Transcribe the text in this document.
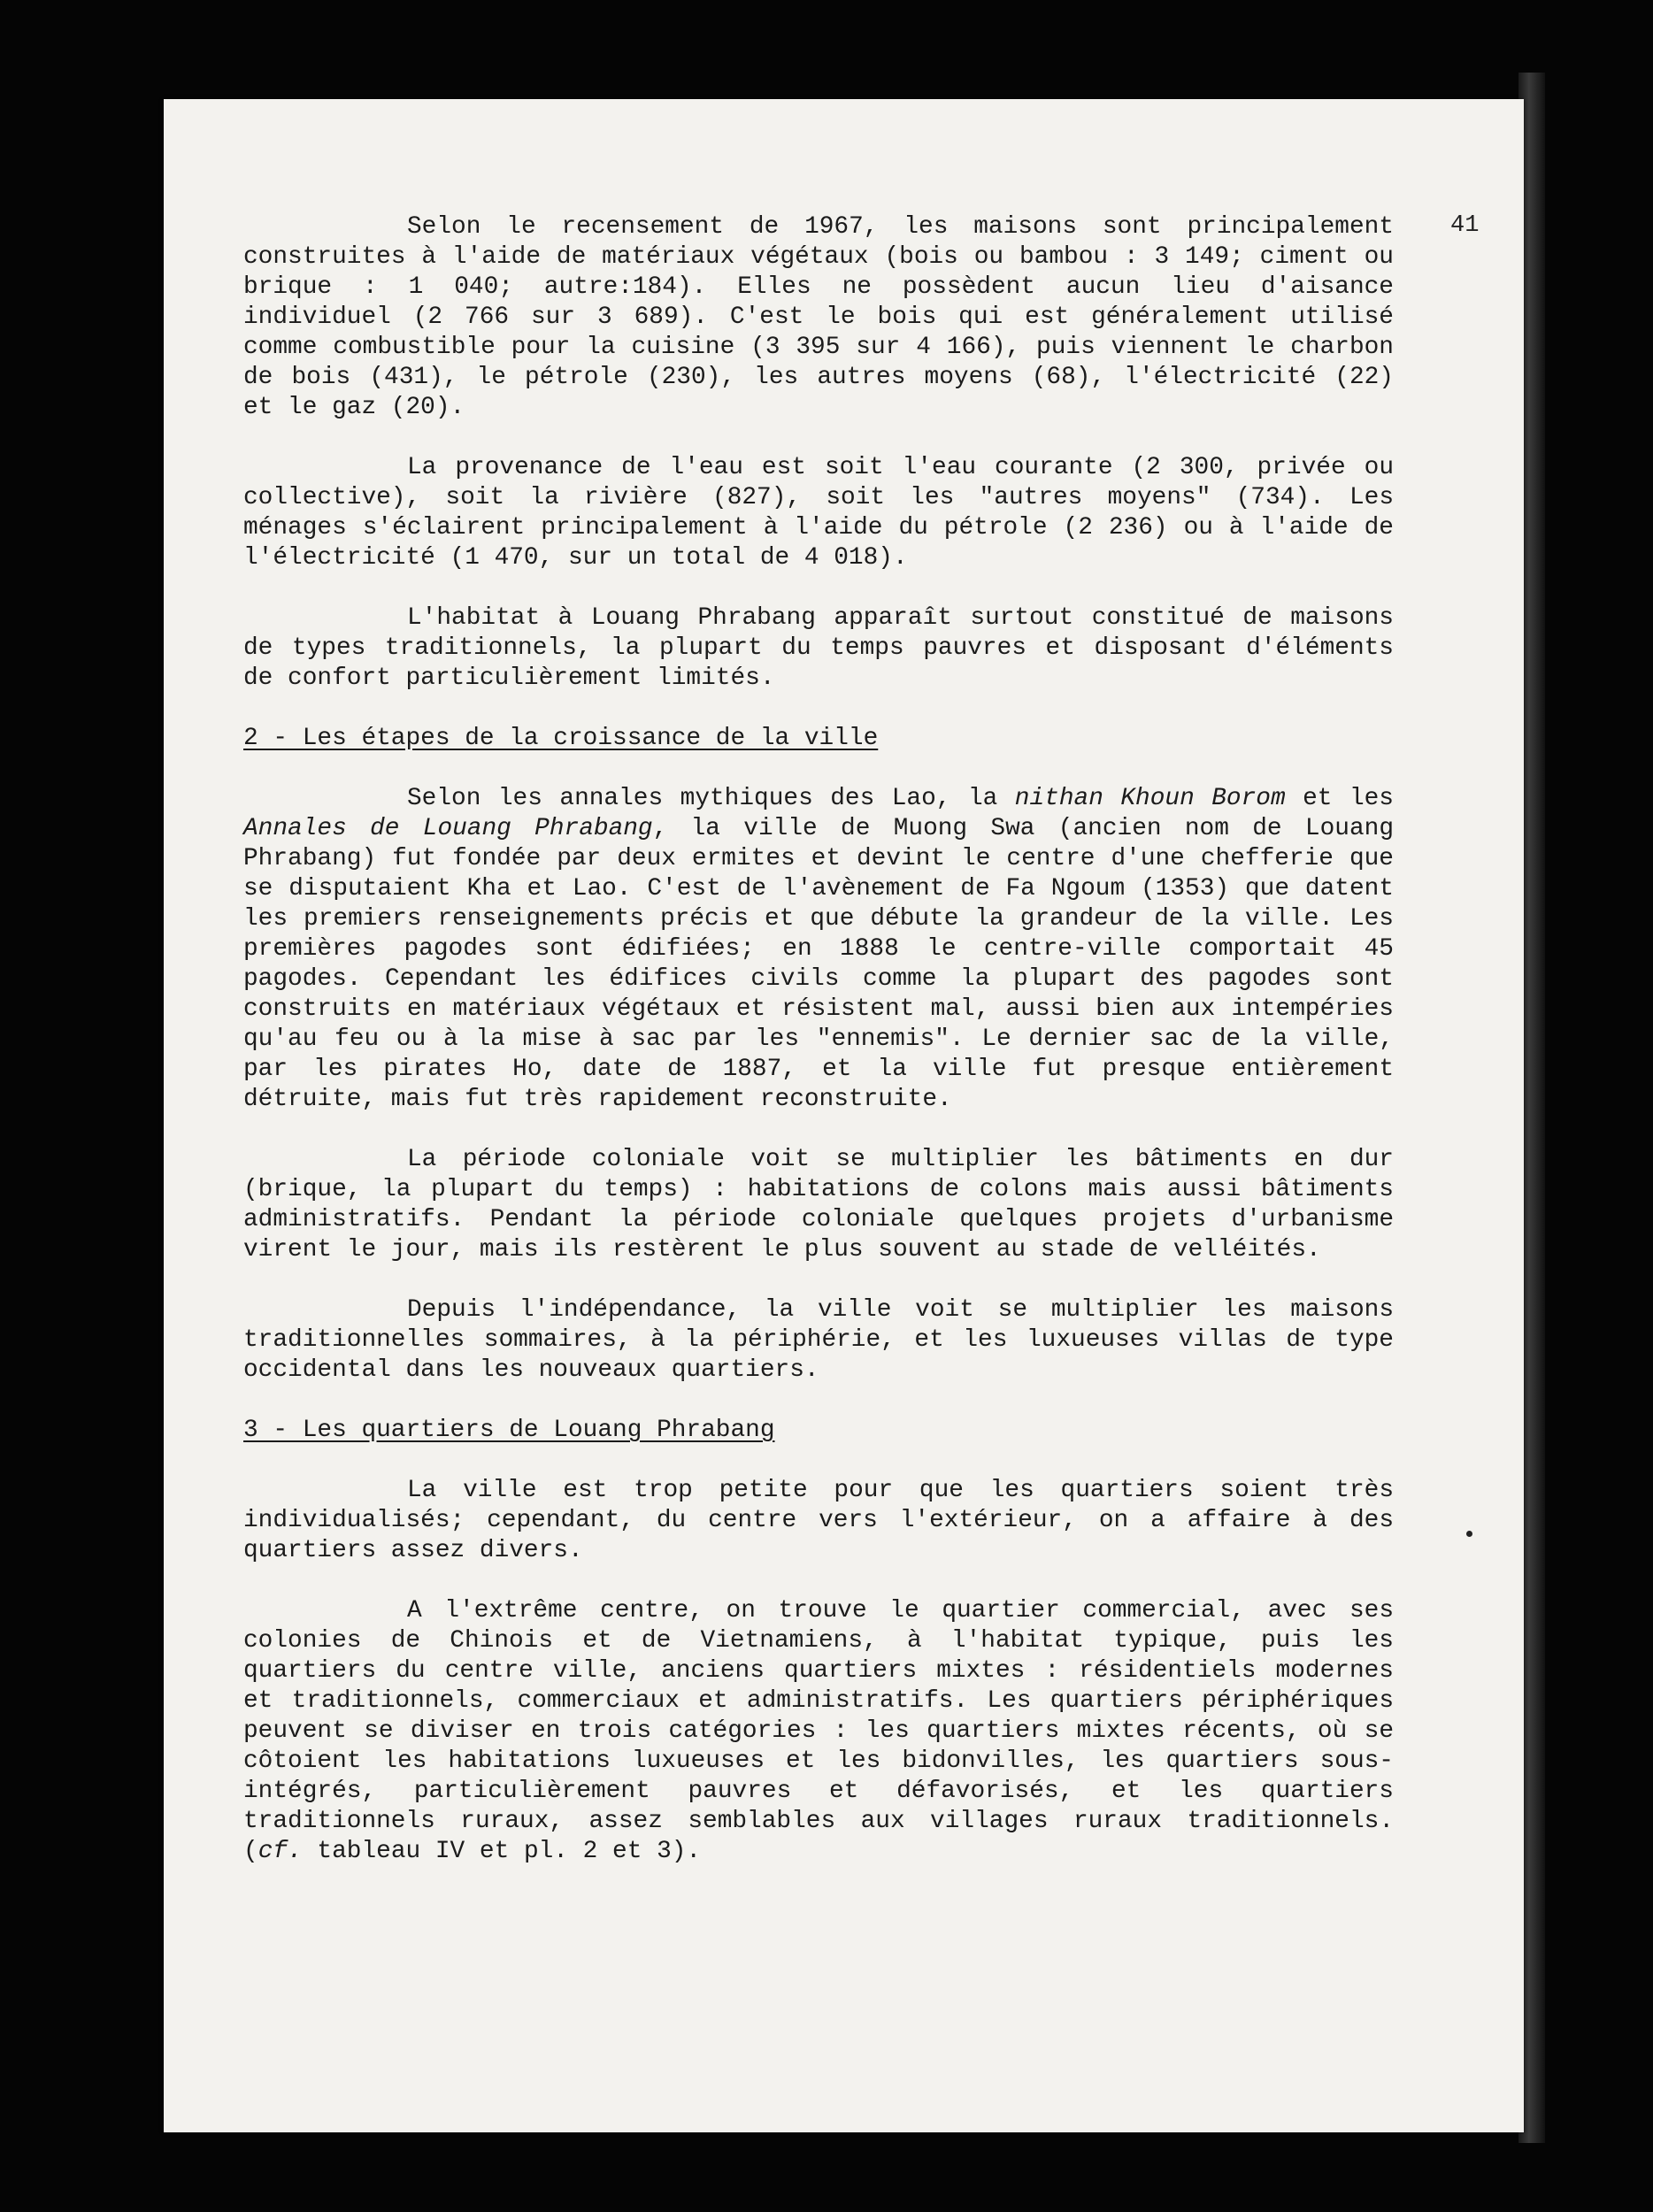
41

Selon le recensement de 1967, les maisons sont principalement construites à l'aide de matériaux végétaux (bois ou bambou : 3 149; ciment ou brique : 1 040; autre:184). Elles ne possèdent aucun lieu d'aisance individuel (2 766 sur 3 689). C'est le bois qui est généralement utilisé comme combustible pour la cuisine (3 395 sur 4 166), puis viennent le charbon de bois (431), le pétrole (230), les autres moyens (68), l'électricité (22) et le gaz (20).

La provenance de l'eau est soit l'eau courante (2 300, privée ou collective), soit la rivière (827), soit les "autres moyens" (734). Les ménages s'éclairent principalement à l'aide du pétrole (2 236) ou à l'aide de l'électricité (1 470, sur un total de 4 018).

L'habitat à Louang Phrabang apparaît surtout constitué de maisons de types traditionnels, la plupart du temps pauvres et disposant d'éléments de confort particulièrement limités.

2 - Les étapes de la croissance de la ville

Selon les annales mythiques des Lao, la nithan Khoun Borom et les Annales de Louang Phrabang, la ville de Muong Swa (ancien nom de Louang Phrabang) fut fondée par deux ermites et devint le centre d'une chefferie que se disputaient Kha et Lao. C'est de l'avènement de Fa Ngoum (1353) que datent les premiers renseignements précis et que débute la grandeur de la ville. Les premières pagodes sont édifiées; en 1888 le centre-ville comportait 45 pagodes. Cependant les édifices civils comme la plupart des pagodes sont construits en matériaux végétaux et résistent mal, aussi bien aux intempéries qu'au feu ou à la mise à sac par les "ennemis". Le dernier sac de la ville, par les pirates Ho, date de 1887, et la ville fut presque entièrement détruite, mais fut très rapidement reconstruite.

La période coloniale voit se multiplier les bâtiments en dur (brique, la plupart du temps) : habitations de colons mais aussi bâtiments administratifs. Pendant la période coloniale quelques projets d'urbanisme virent le jour, mais ils restèrent le plus souvent au stade de velléités.

Depuis l'indépendance, la ville voit se multiplier les maisons traditionnelles sommaires, à la périphérie, et les luxueuses villas de type occidental dans les nouveaux quartiers.

3 - Les quartiers de Louang Phrabang

La ville est trop petite pour que les quartiers soient très individualisés; cependant, du centre vers l'extérieur, on a affaire à des quartiers assez divers.

A l'extrême centre, on trouve le quartier commercial, avec ses colonies de Chinois et de Vietnamiens, à l'habitat typique, puis les quartiers du centre ville, anciens quartiers mixtes : résidentiels modernes et traditionnels, commerciaux et administratifs. Les quartiers périphériques peuvent se diviser en trois catégories : les quartiers mixtes récents, où se côtoient les habitations luxueuses et les bidonvilles, les quartiers sous-intégrés, particulièrement pauvres et défavorisés, et les quartiers traditionnels ruraux, assez semblables aux villages ruraux traditionnels. (cf. tableau IV et pl. 2 et 3).
